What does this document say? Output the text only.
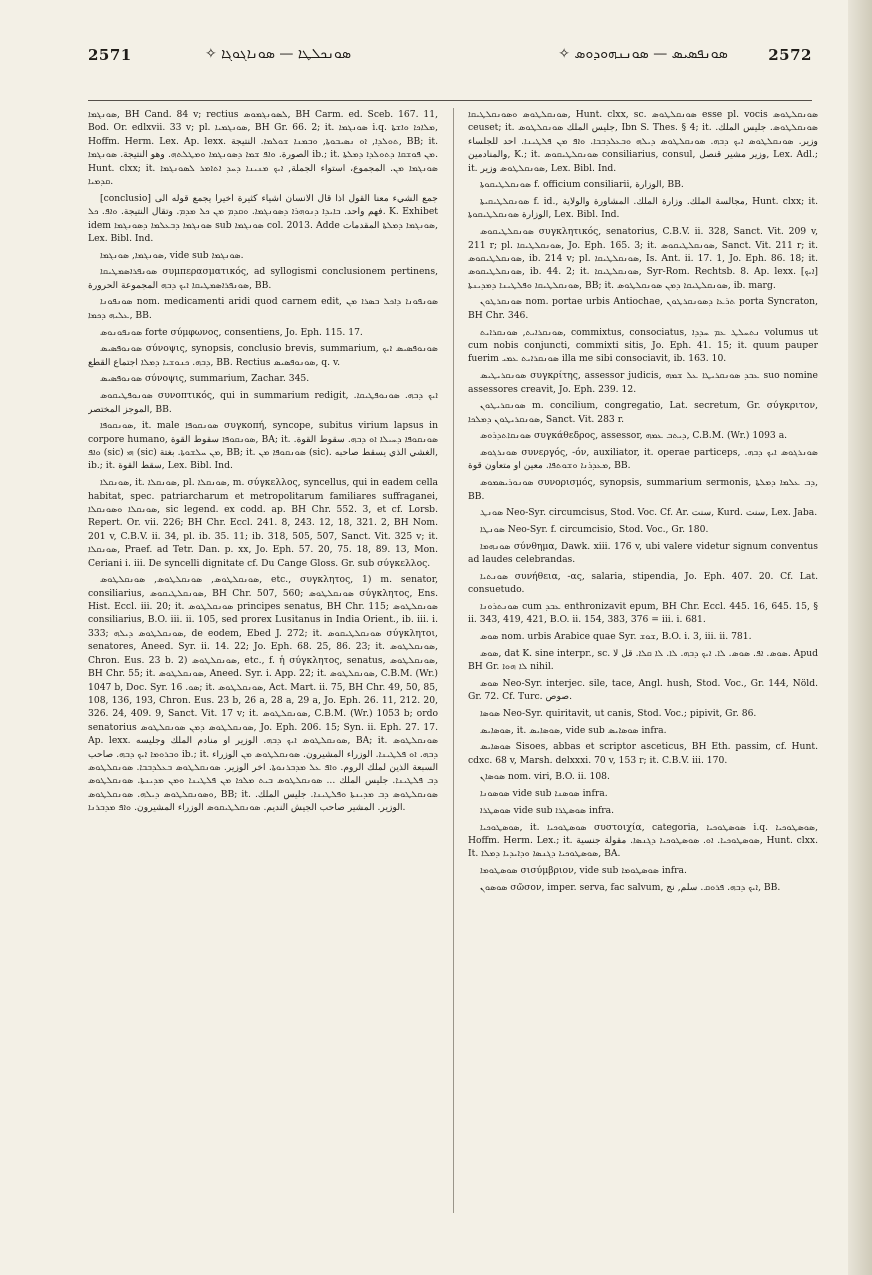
2571	✧ ܣܘܢܟܠܛܐ — ܣܘܢܐܓܘܓܐ	✧ ܣܘܢܦܣܝܣ — ܣܘܢܢܗܘܕܘܣ	2572

ܣܘܢܓܡܐ, BH Cand. 84 v; rectius ܠܣܘܢܓܡܘܣ, BH Carm. ed. Sceb. 167. 11, Bod. Or. edlxvii. 33 v; pl. ܣܘܢܓܡܝܐ, BH Gr. 66. 2; it. ܣܘܢܓܡܐ i.q. ܡܠܐܟܐ ܘܐܫܬܐ, Hoffm. Herm. Lex. Ap. lexx. ܬܘܠܕܐ, ܐܘ ܢܣܝܒܘܬܐ, ܘܒܡܢܐ ܫܘܠܡܐ. النتيجة, BB; it. الصورة. ܘܐܦ ܫܡܐ ܕܣܘܢܓܡܐ ܘܡܛܠܬܗ. وهو النتيجة. ܣܘܢܓܡܐ ib.; it. ܡܢ ܦܘܫܩܐ ܕܬܘܠܕܐ ܕܡܠܬܐ. Hunt. clxx; it. ܣܘܢܓܡܐ ܡܢ. المجموع، استواء الجملة, ܐܝܟ ܡܢܝܢܐ ܕܚܕ ܐܬܐܡܪ ܠܣܘܢܓܡܐ ܩܕܡܝܐ.

[conclusio] جمع الشيء معنا القول اذا قال الانسان اشياء كثيرة اخيرا يجمع قوله الى فهم واحد. ܒܐܝܕܐ ܕܢܘܗܪܐ ܕܣܘܢܓܡܐ. ܘܩܕܡ ܡܢ ܟܠ ܡܕܡ. وتقال النتيجة. ܘܐܦ. ܟܠ. K. Exhibet idem ܣܘܢܓܡܐ ܕܒܥܠܡܐ ܕܣܘܢܓܡܐ sub ܣܘܢܓܡܐ col. 2013. Adde ܣܘܢܓܡܐ ܕܡܠܬܐ المقدمات, Lex. Bibl. Ind.

ܣܘܢܓܡܐ, ܣܘܢܓܡܐ, vide sub ܣܘܢܓܡܐ.

ܣܘܢܦܪܐܣܡܛܝܩܐ συμπερασματικός, ad syllogismi conclusionem pertinens, ܣܘܢܦܪܐܣܡܛܝܩܐ ܐܝܟ ܕܒܗ المجموعة الحرورة, BB.

ܣܘܢܦܘܢܐ nom. medicamenti aridi quod carnem edit, ܣܘܢܦܘܢܐ ܕܐܟܠ ܒܣܪܐ ܡܢ ܥܠܝܗ ܕܟܡܐ, BB.

ܣܘܢܦܘܢܘܣ forte σύμφωνος, consentiens, Jo. Eph. 115. 17.

ܣܘܢܘܦܣܝܣ σύνοψις, synopsis, conclusio brevis, summarium, ܣܘܢܘܦܣܝܣ ܐܝܟ ܕܒܗ. ܟܢܘܫܝܐ ܕܡܠܐ اجتماع القطع, BB. Rectius ܣܘܢܘܦܣܝܣ, q. v.

ܣܘܢܘܦܣܝܣ σύνοψις, summarium, Zachar. 345.

ܣܘܢܘܦܛܝܩܘܣ συνοπτικός, qui in summarium redigit, ܐܝܟ ܕܒܗ. ܣܘܢܘܦܛܝܩܐ. الموجز المختصر, BB.

ܣܘܢܩܘܦܐ, it. male ܣܘܢܩܘܦܐ συγκοπή, syncope, subitus virium lapsus in corpore humano, ܣܘܢܩܘܦܐ سقوط القوة, BA; it. ܣܘܢܩܘܦܐ ܕܚܝܠܐ ܐܘ ܕܒܗ. سقوط القوة. ܘܐܦ (sic) ܗܝ (sic) ܡܢ ܚܠܫܘܬܐ. بغتة, BB; it. ܣܘܢܩܘܦܐ ܡܢ (sic). الغشي الذي يسقط صاحبه, ib.; it. سقط القوة, Lex. Bibl. Ind.

ܣܘܢܩܠܐ, it. ܣܘܢܩܠܐ, pl. ܣܘܢܩܠܐ, m. σύγκελλος, syncellus, qui in eadem cella habitat, spec. patriarcharum et metropolitarum familiares suffraganei, ܣܘܢܩܠܐ ܘܣܘܢܩܠܐ, sic legend. ex codd. ap. BH Chr. 552. 3, et cf. Lorsb. Repert. Or. vii. 226; BH Chr. Eccl. 241. 8, 243. 12, 18, 321. 2, BH Nom. 201 v, C.B.V. ii. 34, pl. ib. 35. 11; ib. 318, 505, 507, Sanct. Vit. 325 v; it. ܣܘܢܩܠܐ, Praef. ad Tetr. Dan. p. xx, Jo. Eph. 57. 20, 75. 18, 89. 13, Mon. Ceriani i. iii. De syncelli dignitate cf. Du Cange Gloss. Gr. sub σύγκελλος.

ܣܘܢܩܠܛܘܣ, ܣܘܢܩܠܛܘܣ, ܣܘܢܩܠܛܘܣ, etc., συγκλητος, 1) m. senator, consiliarius, ܣܘܢܩܠܛܝܩܘܣ, BH Chr. 507, 560; ܣܘܢܩܠܛܘܣ σύγκλητος, Ens. Hist. Eccl. iii. 20; it. ܣܘܢܩܠܛܘܣ principes senatus, BH Chr. 115; ܣܘܢܩܠܛܘܣ consiliarius, B.O. iii. ii. 105, sed prorex Lusitanus in India Orient., ib. iii. i. 333; ܣܘܢܩܠܛܘܣ ܕܝܠܗ, de eodem, Ebed J. 272; it. ܣܘܢܩܠܛܝܩܘܣ σύγκλητοι, senatores, Aneed. Syr. ii. 14. 22; Jo. Eph. 68. 25, 86. 23; it. ܣܘܢܩܠܛܘܣ, Chron. Eus. 23 b. 2) ܣܘܢܩܠܛܘܣ, etc., f. ἡ σύγκλητος, senatus, ܣܘܢܩܠܛܘܣ, BH Chr. 55; it. ܣܘܢܩܠܛܘܣ, Aneed. Syr. i. App. 22; it. ܣܘܢܩܠܛܘܣ, C.B.M. (Wr.) 1047 b, Doc. Syr. ܣܘ. 16; it. ܣܘܢܩܠܛܘܣ, Act. Mart. ii. 75, BH Chr. 49, 50, 85, 108, 136, 193, Chron. Eus. 23 b, 26 a, 28 a, 29 a, Jo. Eph. 26. 11, 212. 20, 326. 24, 409. 9, Sanct. Vit. 17 v; it. ܣܘܢܩܠܛܘܣ, C.B.M. (Wr.) 1053 b; ordo senatorius ܣܘܢܩܠܛܘܣ ܕܡܢ ܣܘܢܩܠܛܘܣ, Jo. Eph. 206. 15; Syn. ii. Eph. 27. 17. Ap. lexx. ܣܘܢܩܠܛܘܣ ܐܝܟ ܕܒܗ. الوزير او منادم الملك وجليسه, BA; it. ܣܘܢܩܠܛܘܣ ܘܒܪܘܡܐ ܐܝܟ ܕܒܗ. صاحب ib.; it. ܕܒܗ. ܐܘ ܦܠܛܝܢܐ. الوزراء المشيرون. ܣܘܢܩܠܛܘܣ ܡܢ الوزراء السبعة الذين لملك الروم. ܘܐܦ ܥܠ ܡܕܒܪܢܘܬܐ. اخر الوزير. ܣܘܢܩܠܛܘܣ ܒܥܠܕܒܒܐ. ܣܘܢܩܠܛܘܣ ܕܒ ܦܠܛܝܢܐ. جليس الملك ... ܣܘܢܩܠܛܘܣ ܒܝܬ ܡܠܟܐ ܡܢ ܦܠܛܝܢܐ ܘܡܢ ܡܕܝܢܬܐ. ܣܘܢܩܠܛܘܣ ܘܣܘܢܩܠܛܘܣ ܕܝܠܗ. ܣܘܢܩܠܛܘܣ, BB; it. ܣܘܢܩܠܛܘܣ ܕܒ ܡܕܝܢܬܐ ܘܦܠܛܝܢܐ. جليس الملك. الوزير. المشير صاحب الجيش النديم. ܣܘܢܩܠܛܝܩܘܣ الوزراء المشيرون. ܘܐܦ ܡܕܒܪܢܐ.

ܣܘܢܩܠܛܘܣ ܘܣܘܢܩܠܛܝܩܐ, Hunt. clxx, sc. ܣܘܢܩܠܛܘܣ esse pl. vocis ܣܘܢܩܠܛܘܣ ceuset; it. جليس الملك ܣܘܢܩܠܛܘܣ, Ibn S. Thes. § 4; it. ܣܘܢܩܠܛܘܣ. جليس الملك. وزير. ܣܘܢܩܠܛܘܣ ܐܝܟ ܕܒܗ. ܣܘܢܩܠܛܘܣ ܕܝܠܗ ܘܒܥܠܕܒܒܐ. ܘܐܦ ܡܢ ܦܠܛܝܢܐ. احد للجلساء والمنادمين, K.; it. ܣܘܢܩܠܛܝܩܘܣ consiliarius, consul, وزير مشير قنصل, Lex. Adl.; it. ܣܘܢܩܠܛܘܣ وزير, Lex. Bibl. Ind.

ܣܘܢܩܠܛܝܩܘܬܐ f. officium consiliarii, الوزارة, BB.

ܣܘܢܩܠܛܝܩܝܬܐ f. id., مجالسة الملك. وزارة الملك. المشاورة والولاية, Hunt. clxx; it. الوزارة ܣܘܢܩܠܛܝܩܘܬܐ, Lex. Bibl. Ind.

ܣܘܢܩܠܛܝܩܘܣ συγκλητικός, senatorius, C.B.V. ii. 328, Sanct. Vit. 209 v, 211 r; pl. ܣܘܢܩܠܛܝܩܐ, Jo. Eph. 165. 3; it. ܣܘܢܩܠܛܝܩܘܣ, Sanct. Vit. 211 r; it. ܣܘܢܩܠܛܝܩܘܣ, ib. 214 v; pl. ܣܘܢܩܠܛܝܩܐ, Is. Ant. ii. 17. 1, Jo. Eph. 86. 18; it. ܣܘܢܩܠܛܝܩܘܣ, ib. 44. 2; it. ܣܘܢܩܠܛܝܩܐ, Syr-Rom. Rechtsb. 8. Ap. lexx. [ܐܝܟ] ܣܘܢܩܠܛܝܩܐ ܘܦܠܛܝܢܐ ܕܡܕܝܢܬܐ, BB; it. ܣܘܢܩܠܛܝܩܐ ܕܡܢ ܣܘܢܩܠܛܘܣ, ib. marg.

ܣܘܢܩܪܛܘܢ nom. portae urbis Antiochae, ܬܪܥܐ ܕܣܘܢܩܪܛܘܢ porta Syncraton, BH Chr. 346.

ܣܘܢܩܪܐܝܬ, ܣܘܢܩܪܐܝܬ, commixtus, consociatus, ܢܬܚܠܛ ܥܡ ܚܕܕܐ volumus ut cum nobis conjuncti, commixti sitis, Jo. Eph. 41. 15; it. quum pauper fuerim ܣܘܢܩܪܐܝܬ ܥܡܝ illa me sibi consociavit, ib. 163. 10.

ܣܘܢܩܪܝܛܝܣ συγκρίτης, assessor judicis, ܥܒܕ ܣܘܢܩܪܝܛܐ ܥܠ ܫܡܗ suo nomine assessores creavit, Jo. Eph. 239. 12.

ܣܘܢܩܪܝܛܘܢ m. concilium, congregatio, Lat. secretum, Gr. σύγκριτον, ܣܘܢܩܪܝܛܘܢ ܕܡܠܟܐ, Sanct. Vit. 283 r.

ܣܘܢܩܐܬܕܪܘܣ συγκάθεδρος, assessor, ܕܝܬܒ ܥܡܗ, C.B.M. (Wr.) 1093 a.

ܣܘܢܪܓܘܣ συνεργός, -όν, auxiliator, it. operae particeps, ܣܘܢܪܓܘܣ ܐܝܟ ܕܒܗ. ܡܥܕܪܢܐ ܘܫܘܬܦܐ. معين او متعاون قوة, BB.

ܣܘܢܘܪܝܣܡܘܣ συνορισμός, synopsis, summarium sermonis, ܕܒ ܥܠܡܐ ܕܡܠܬܐ, BB.

ܣܘܢܛ Neo-Syr. circumcisus, Stod. Voc. Cf. Ar. سنت, Kurd. سنت, Lex. Jaba.

ܣܘܢܛܐ Neo-Syr. f. circumcisio, Stod. Voc., Gr. 180.

ܣܘܢܗܡܐ σύνθημα, Dawk. xiii. 176 v, ubi valere videtur signum conventus ad laudes celebrandas.

ܣܘܢܬܝܐ συνήθεια, -ας, salaria, stipendia, Jo. Eph. 407. 20. Cf. Lat. consuetudo.

ܣܘܢܬܪܘܢܐ cum ܥܒܕ enthronizavit epum, BH Chr. Eccl. 445. 16, 645. 15, § ii. 343, 419, 421, B.O. ii. 154, 383, 376 = iii. i. 681.

ܣܘܣ nom. urbis Arabice quae Syr. ܫܘܫ, B.O. i. 3, iii. ii. 781.

ܣܘܣ, dat K. sine interpr., sc. ܣܘܣ. ܐܦ. ܣܘܣ. ܠܐ. ܐܝܟ ܕܒܗ. ܠܐ. ܠܐ ܩܠܐ. قل لا. Apud BH Gr. ܠܐ ܗܘܐ nihil.

ܣܘܣ Neo-Syr. interjec. sile, tace, Angl. hush, Stod. Voc., Gr. 144, Nöld. Gr. 72. Cf. Turc. صوص.

ܣܘܣܐ Neo-Syr. quiritavit, ut canis, Stod. Voc.; pipivit, Gr. 86.

ܣܘܣܐܝܣ, it. ܣܘܣܐܝܣ, vide sub ܣܘܣܐܝܣ infra.

ܣܘܣܐܝܣ Sisoes, abbas et scriptor asceticus, BH Eth. passim, cf. Hunt. cdxc. 68 v, Marsh. delxxxi. 70 v, 153 r; it. C.B.V. iii. 170.

ܣܘܣܐܢ nom. viri, B.O. ii. 108.

ܣܘܣܘܢܐ vide sub ܣܘܣܢܐ infra.

ܣܘܣܛܪܐ vide sub ܣܘܣܛܪܐ infra.

ܣܘܣܛܘܟܝܐ, it. ܣܘܣܛܘܟܝܐ συστοιχία, categoria, ܣܘܣܛܘܟܝܐ i.q. ܣܘܣܛܘܟܝܐ, Hoffm. Herm. Lex.; it. ܣܘܣܛܘܟܝܐ. ܐܘ. ܣܘܣܛܘܟܝܐ ܕܓܢܣܐ. مقولة جنسية, Hunt. clxx. It. ܣܘܣܛܘܟܝܐ ܕܓܢܣܐ ܘܕܐܝܕܝܐ ܕܡܠܐ, BA.

ܣܘܣܛܘܡܐ σισύμβριον, vide sub ܣܘܣܛܘܡܐ infra.

ܣܘܣܘܢ σῶσον, imper. serva, fac salvum, ܐܝܟ ܕܒܗ. ܦܪܘܩ. سلم, نج, BB.
